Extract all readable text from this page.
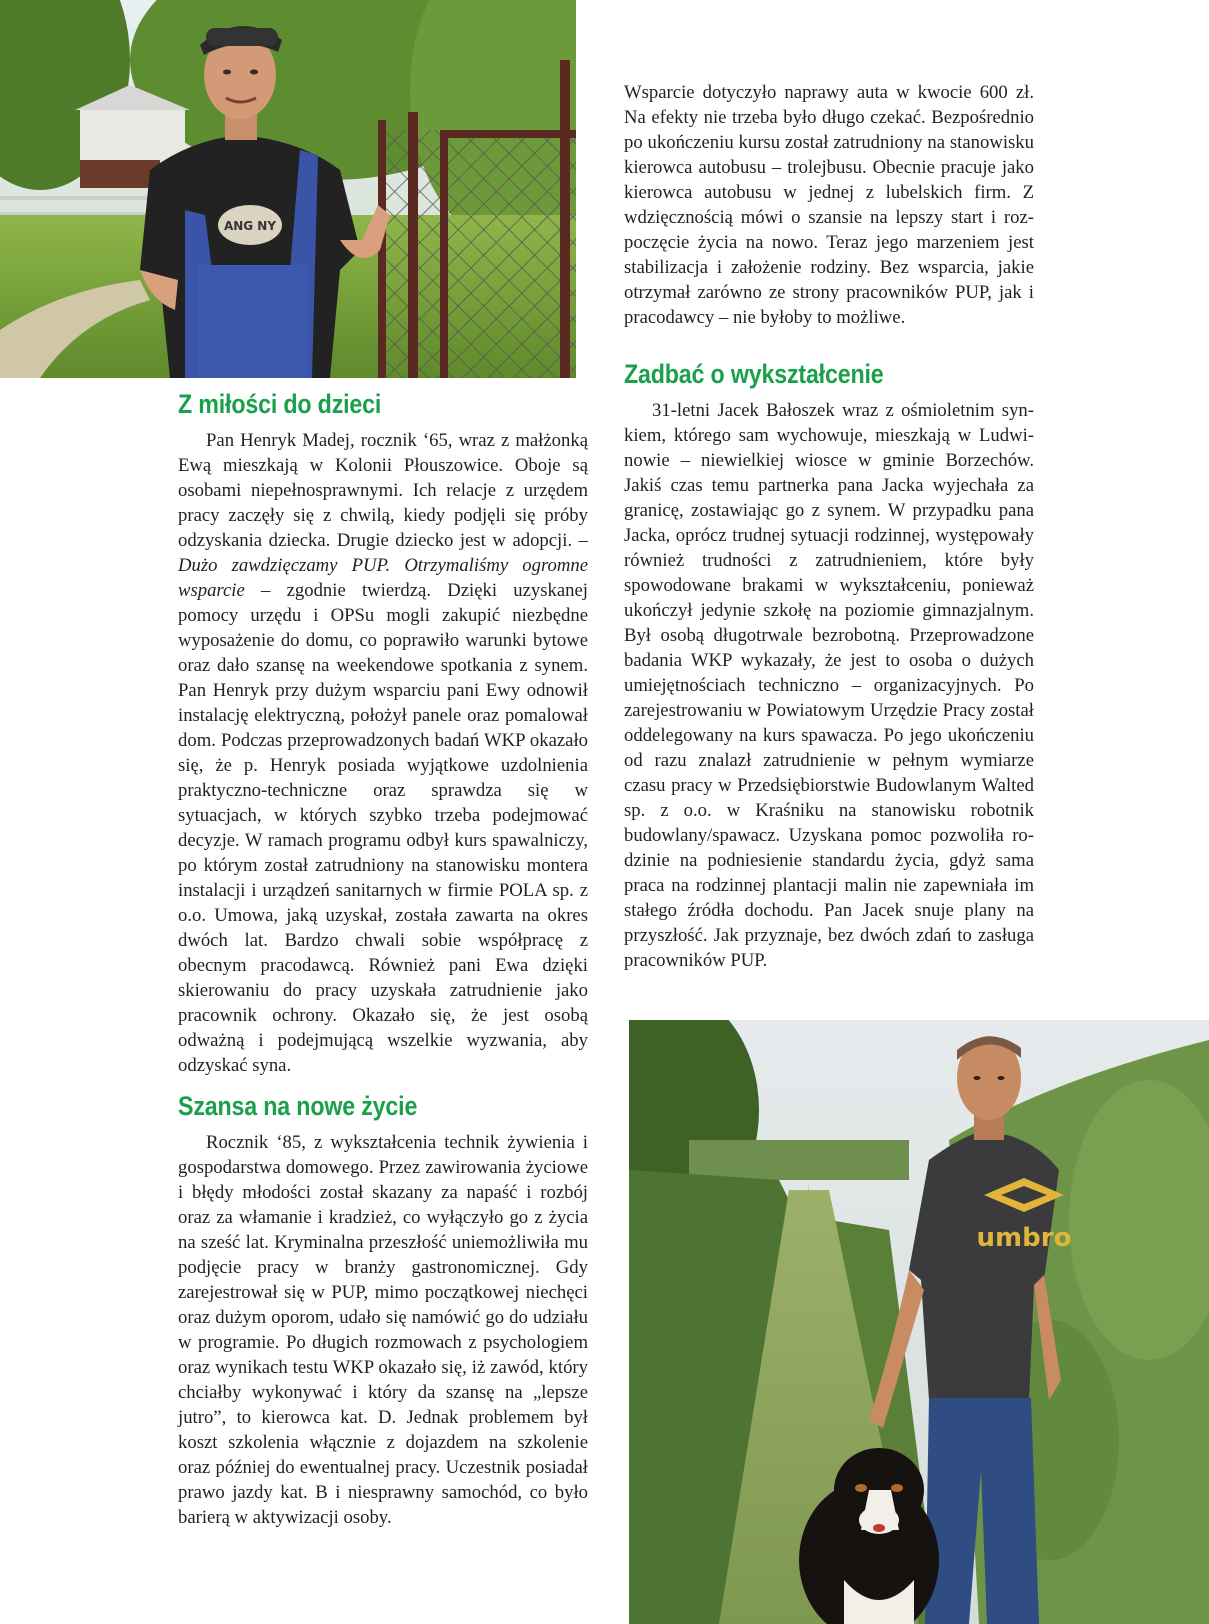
ANG NY
Z miłości do dzieci

Pan Henryk Madej, rocznik ‘65, wraz z małżonką Ewą mieszkają w Kolonii Płouszowice. Oboje są osobami niepełnosprawnymi. Ich relacje z urzędem pracy zaczęły się z chwilą, kiedy podjęli się próby odzyskania dziecka. Drugie dziecko jest w adopcji. – Dużo zawdzięczamy PUP. Otrzymaliśmy ogromne wsparcie – zgodnie twierdzą. Dzięki uzyskanej pomocy urzędu i OPSu mogli zakupić niezbędne wyposażenie do domu, co poprawiło warunki bytowe oraz dało szansę na weekendowe spotkania z synem. Pan Henryk przy dużym wsparciu pani Ewy odnowił instalację elektryczną, położył panele oraz pomalował dom. Podczas przeprowadzonych badań WKP okazało się, że p. Henryk posiada wyjątkowe uzdolnienia praktyczno-techniczne oraz sprawdza się w sytuacjach, w których szybko trzeba podejmować decyzje. W ramach programu odbył kurs spawalniczy, po którym został zatrudniony na stanowisku montera instalacji i urządzeń sanitarnych w firmie POLA sp. z o.o. Umowa, jaką uzyskał, została zawarta na okres dwóch lat. Bardzo chwali sobie współpracę z obecnym pracodawcą. Również pani Ewa dzięki skierowaniu do pracy uzyskała zatrudnienie jako pracownik ochrony. Okazało się, że jest osobą odważną i podejmującą wszelkie wyzwania, aby odzyskać syna.

Szansa na nowe życie

Rocznik ‘85, z wykształcenia technik żywienia i gospodarstwa domowego. Przez zawirowania życiowe i błędy młodości został skazany za napaść i rozbój oraz za włamanie i kradzież, co wyłączyło go z życia na sześć lat. Kryminalna przeszłość uniemożliwiła mu podjęcie pracy w branży gastronomicznej. Gdy zarejestrował się w PUP, mimo początkowej niechęci oraz dużym oporom, udało się namówić go do udziału w programie. Po długich rozmowach z psychologiem oraz wynikach testu WKP okazało się, iż zawód, który chciałby wykonywać i który da szansę na „lepsze jutro”, to kierowca kat. D. Jednak problemem był koszt szkolenia włącznie z dojazdem na szkolenie oraz później do ewentualnej pracy. Uczestnik posiadał prawo jazdy kat. B i niesprawny samochód, co było barierą w aktywizacji osoby.

Wsparcie dotyczyło naprawy auta w kwocie 600 zł. Na efekty nie trzeba było długo czekać. Bezpośrednio po ukończeniu kursu został zatrudniony na stanowisku kierowca autobusu – trolejbusu. Obecnie pracuje jako kierowca autobusu w jednej z lubelskich firm. Z wdzięcznością mówi o szansie na lepszy start i rozpoczęcie życia na nowo. Teraz jego marzeniem jest stabilizacja i założenie rodziny. Bez wsparcia, jakie otrzymał zarówno ze strony pracowników PUP, jak i pracodawcy – nie byłoby to możliwe.

Zadbać o wykształcenie

31-letni Jacek Bałoszek wraz z ośmioletnim synkiem, którego sam wychowuje, mieszkają w Ludwinowie – niewielkiej wiosce w gminie Borzechów. Jakiś czas temu partnerka pana Jacka wyjechała za granicę, zostawiając go z synem. W przypadku pana Jacka, oprócz trudnej sytuacji rodzinnej, występowały również trudności z zatrudnieniem, które były spowodowane brakami w wykształceniu, ponieważ ukończył jedynie szkołę na poziomie gimnazjalnym. Był osobą długotrwale bezrobotną. Przeprowadzone badania WKP wykazały, że jest to osoba o dużych umiejętnościach techniczno – organizacyjnych. Po zarejestrowaniu w Powiatowym Urzędzie Pracy został oddelegowany na kurs spawacza. Po jego ukończeniu od razu znalazł zatrudnienie w pełnym wymiarze czasu pracy w Przedsiębiorstwie Budowlanym Walted sp. z o.o. w Kraśniku na stanowisku robotnik budowlany/spawacz. Uzyskana pomoc pozwoliła rodzinie na podniesienie standardu życia, gdyż sama praca na rodzinnej plantacji malin nie zapewniała im stałego źródła dochodu. Pan Jacek snuje plany na przyszłość. Jak przyznaje, bez dwóch zdań to zasługa pracowników PUP.

umbro
